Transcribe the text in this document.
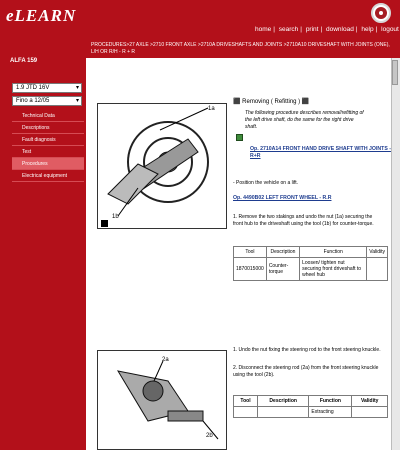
eLEARN
home | search | print | download | help | logout
ALFA 159
1.9 JTD 16V ▾
Fino a 12/05 ▾
Technical Data
Descriptions
Fault diagnosis
Test
Procedures
Electrical equipment
PROCEDURES>27 AXLE >2710 FRONT AXLE >2710A DRIVESHAFTS AND JOINTS >2710A10 DRIVESHAFT WITH JOINTS (ONE), L/H OR R/H - R + R
1a
1b
⬛ Removing ( Refitting ) ⬛
The following procedure describes removal/refitting of the left drive shaft, do the same for the right drive shaft.
Op. 2710A14 FRONT HAND DRIVE SHAFT WITH JOINTS - R+R
- Position the vehicle on a lift.
Op. 4490B02 LEFT FRONT WHEEL - R.R
1. Remove the two stakings and undo the nut (1a) securing the front hub to the driveshaft using the tool (1b) for counter-torque.
Tool	Description	Function	Validity
1870015000	Counter-torque	Loosen/ tighten nut securing front driveshaft to wheel hub	
2a
2b
1. Undo the nut fixing the steering rod to the front steering knuckle.
2. Disconnect the steering rod (2a) from the front steering knuckle using the tool (2b).
Tool	Description	Function	Validity
		Extracting	
